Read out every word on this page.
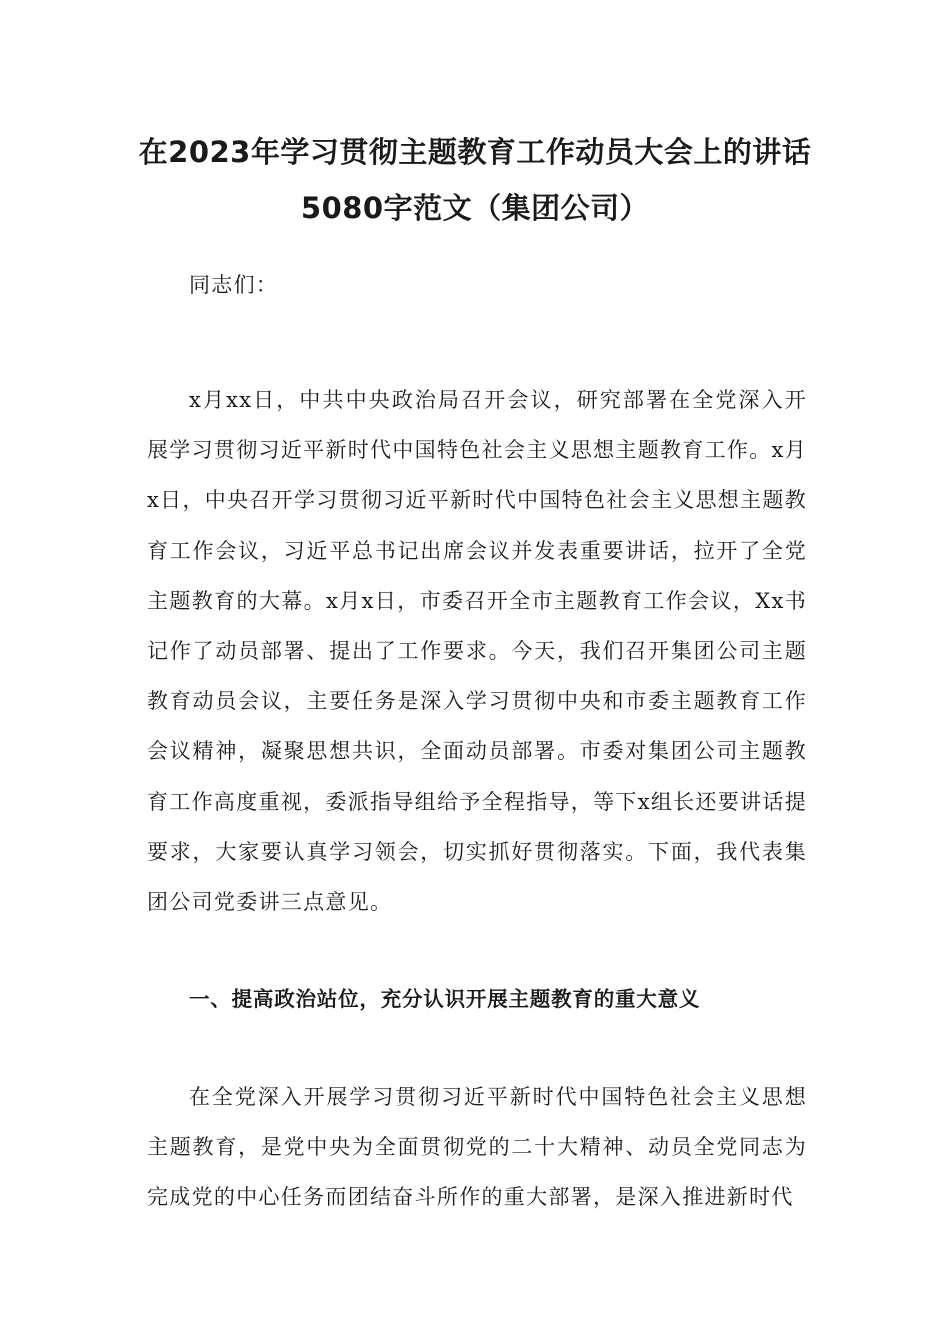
在2023年学习贯彻主题教育工作动员大会上的讲话
5080字范文（集团公司）

同志们：

x月xx日，中共中央政治局召开会议，研究部署在全党深入开展学习贯彻习近平新时代中国特色社会主义思想主题教育工作。x月x日，中央召开学习贯彻习近平新时代中国特色社会主义思想主题教育工作会议，习近平总书记出席会议并发表重要讲话，拉开了全党主题教育的大幕。x月x日，市委召开全市主题教育工作会议，Xx书记作了动员部署、提出了工作要求。今天，我们召开集团公司主题教育动员会议，主要任务是深入学习贯彻中央和市委主题教育工作会议精神，凝聚思想共识，全面动员部署。市委对集团公司主题教育工作高度重视，委派指导组给予全程指导，等下x组长还要讲话提要求，大家要认真学习领会，切实抓好贯彻落实。下面，我代表集团公司党委讲三点意见。

一、提高政治站位，充分认识开展主题教育的重大意义

在全党深入开展学习贯彻习近平新时代中国特色社会主义思想主题教育，是党中央为全面贯彻党的二十大精神、动员全党同志为完成党的中心任务而团结奋斗所作的重大部署，是深入推进新时代
